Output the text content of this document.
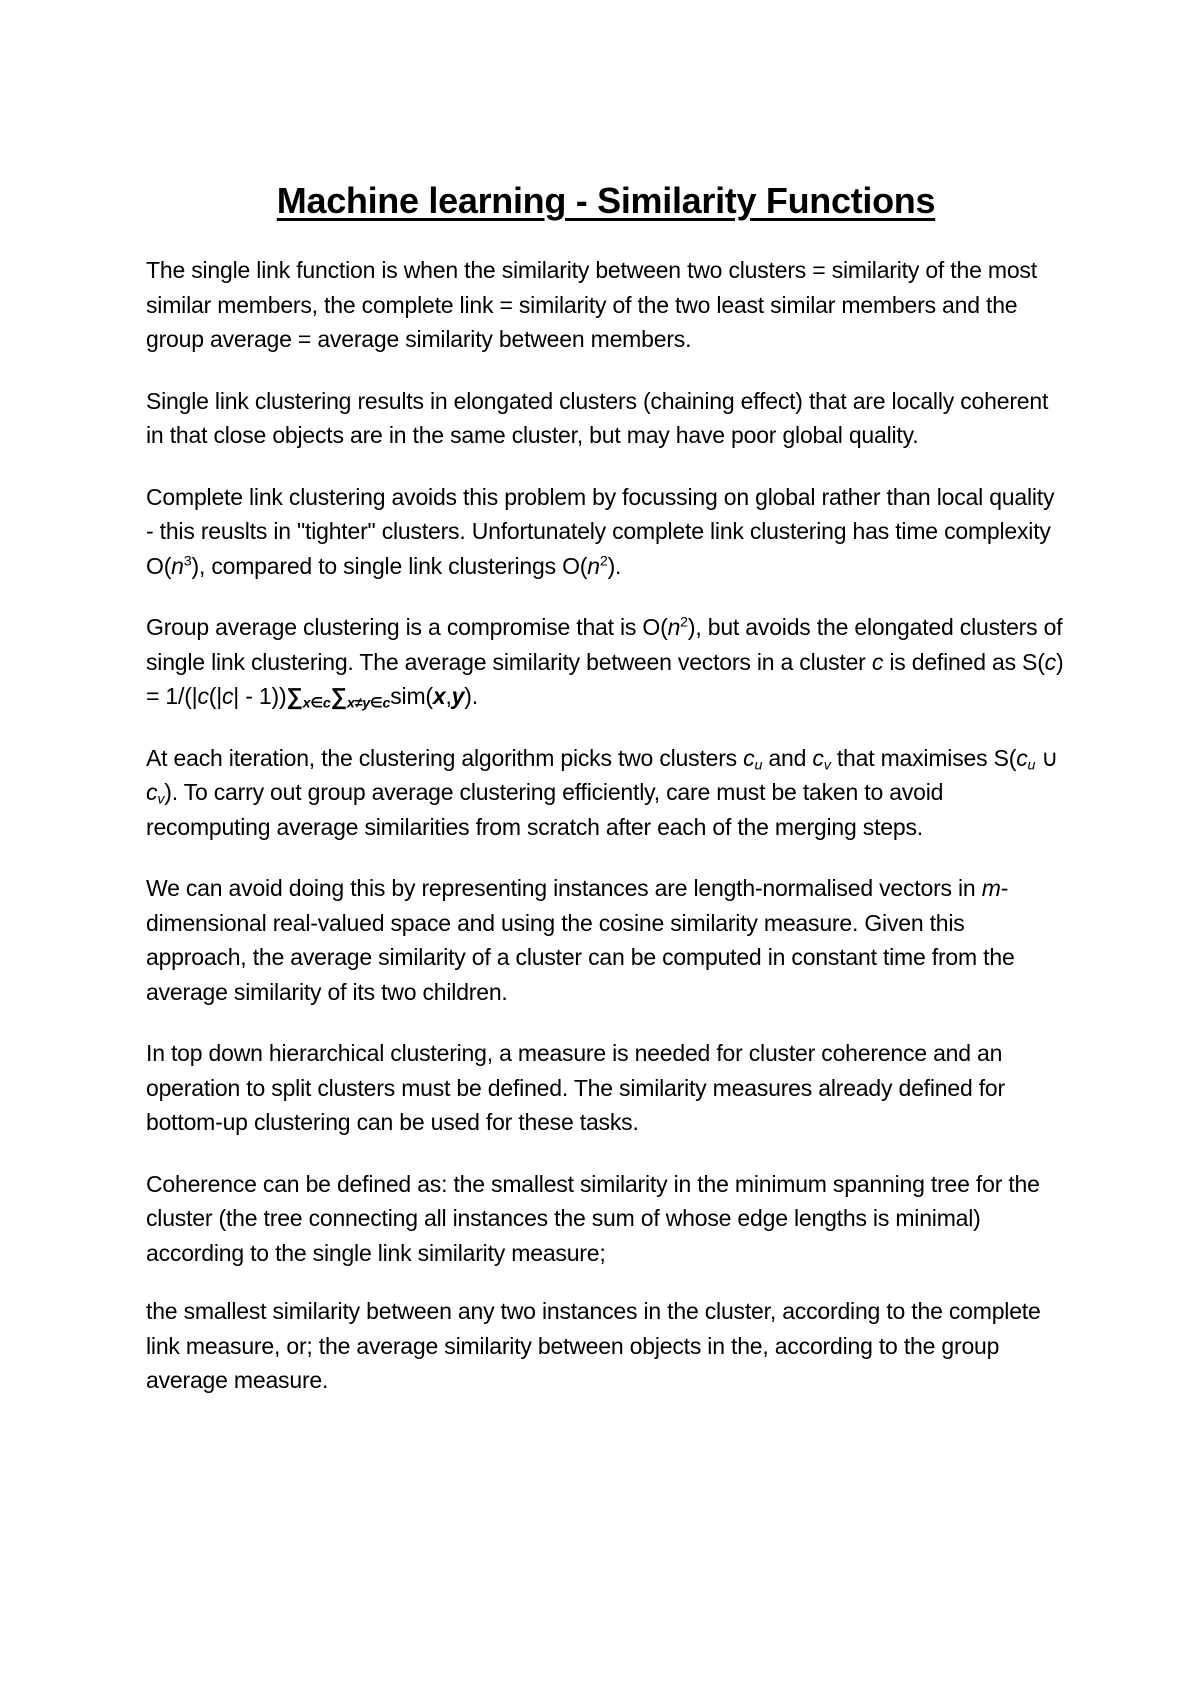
Machine learning - Similarity Functions

The single link function is when the similarity between two clusters = similarity of the most similar members, the complete link = similarity of the two least similar members and the group average = average similarity between members.

Single link clustering results in elongated clusters (chaining effect) that are locally coherent in that close objects are in the same cluster, but may have poor global quality.

Complete link clustering avoids this problem by focussing on global rather than local quality - this reuslts in "tighter" clusters. Unfortunately complete link clustering has time complexity $O(n^3)$, compared to single link clusterings $O(n^2)$.

Group average clustering is a compromise that is $O(n^2)$, but avoids the elongated clusters of single link clustering. The average similarity between vectors in a cluster c is defined as $S(c) = 1/(|c(|c| - 1))\sum_{x\in c}\sum_{x\ne y\in c}sim(x,y)$.

At each iteration, the clustering algorithm picks two clusters $c_u$ and $c_v$ that maximises $S(c_u$ ∪ $c_v$). To carry out group average clustering efficiently, care must be taken to avoid recomputing average similarities from scratch after each of the merging steps.

We can avoid doing this by representing instances are length-normalised vectors in m-dimensional real-valued space and using the cosine similarity measure. Given this approach, the average similarity of a cluster can be computed in constant time from the average similarity of its two children.

In top down hierarchical clustering, a measure is needed for cluster coherence and an operation to split clusters must be defined. The similarity measures already defined for bottom-up clustering can be used for these tasks.

Coherence can be defined as: the smallest similarity in the minimum spanning tree for the cluster (the tree connecting all instances the sum of whose edge lengths is minimal) according to the single link similarity measure;

the smallest similarity between any two instances in the cluster, according to the complete link measure, or; the average similarity between objects in the, according to the group average measure.
